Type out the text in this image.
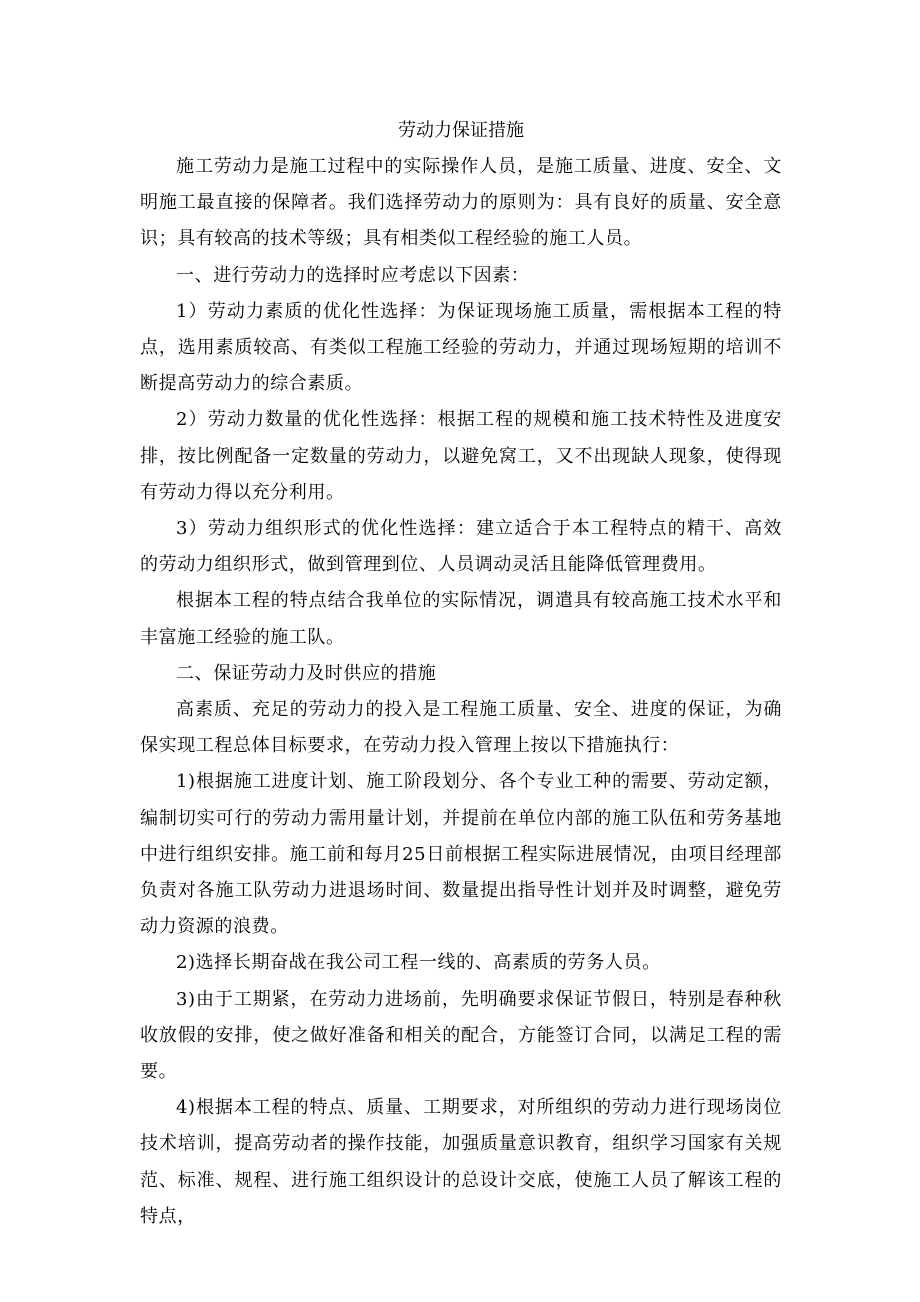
劳动力保证措施

施工劳动力是施工过程中的实际操作人员，是施工质量、进度、安全、文明施工最直接的保障者。我们选择劳动力的原则为：具有良好的质量、安全意识；具有较高的技术等级；具有相类似工程经验的施工人员。

一、进行劳动力的选择时应考虑以下因素：

1）劳动力素质的优化性选择：为保证现场施工质量，需根据本工程的特点，选用素质较高、有类似工程施工经验的劳动力，并通过现场短期的培训不断提高劳动力的综合素质。

2）劳动力数量的优化性选择：根据工程的规模和施工技术特性及进度安排，按比例配备一定数量的劳动力，以避免窝工，又不出现缺人现象，使得现有劳动力得以充分利用。

3）劳动力组织形式的优化性选择：建立适合于本工程特点的精干、高效的劳动力组织形式，做到管理到位、人员调动灵活且能降低管理费用。

根据本工程的特点结合我单位的实际情况，调遣具有较高施工技术水平和丰富施工经验的施工队。

二、保证劳动力及时供应的措施

高素质、充足的劳动力的投入是工程施工质量、安全、进度的保证，为确保实现工程总体目标要求，在劳动力投入管理上按以下措施执行：

1)根据施工进度计划、施工阶段划分、各个专业工种的需要、劳动定额，编制切实可行的劳动力需用量计划，并提前在单位内部的施工队伍和劳务基地中进行组织安排。施工前和每月25日前根据工程实际进展情况，由项目经理部负责对各施工队劳动力进退场时间、数量提出指导性计划并及时调整，避免劳动力资源的浪费。

2)选择长期奋战在我公司工程一线的、高素质的劳务人员。

3)由于工期紧，在劳动力进场前，先明确要求保证节假日，特别是春种秋收放假的安排，使之做好准备和相关的配合，方能签订合同，以满足工程的需要。

4)根据本工程的特点、质量、工期要求，对所组织的劳动力进行现场岗位技术培训，提高劳动者的操作技能，加强质量意识教育，组织学习国家有关规范、标准、规程、进行施工组织设计的总设计交底，使施工人员了解该工程的特点，
